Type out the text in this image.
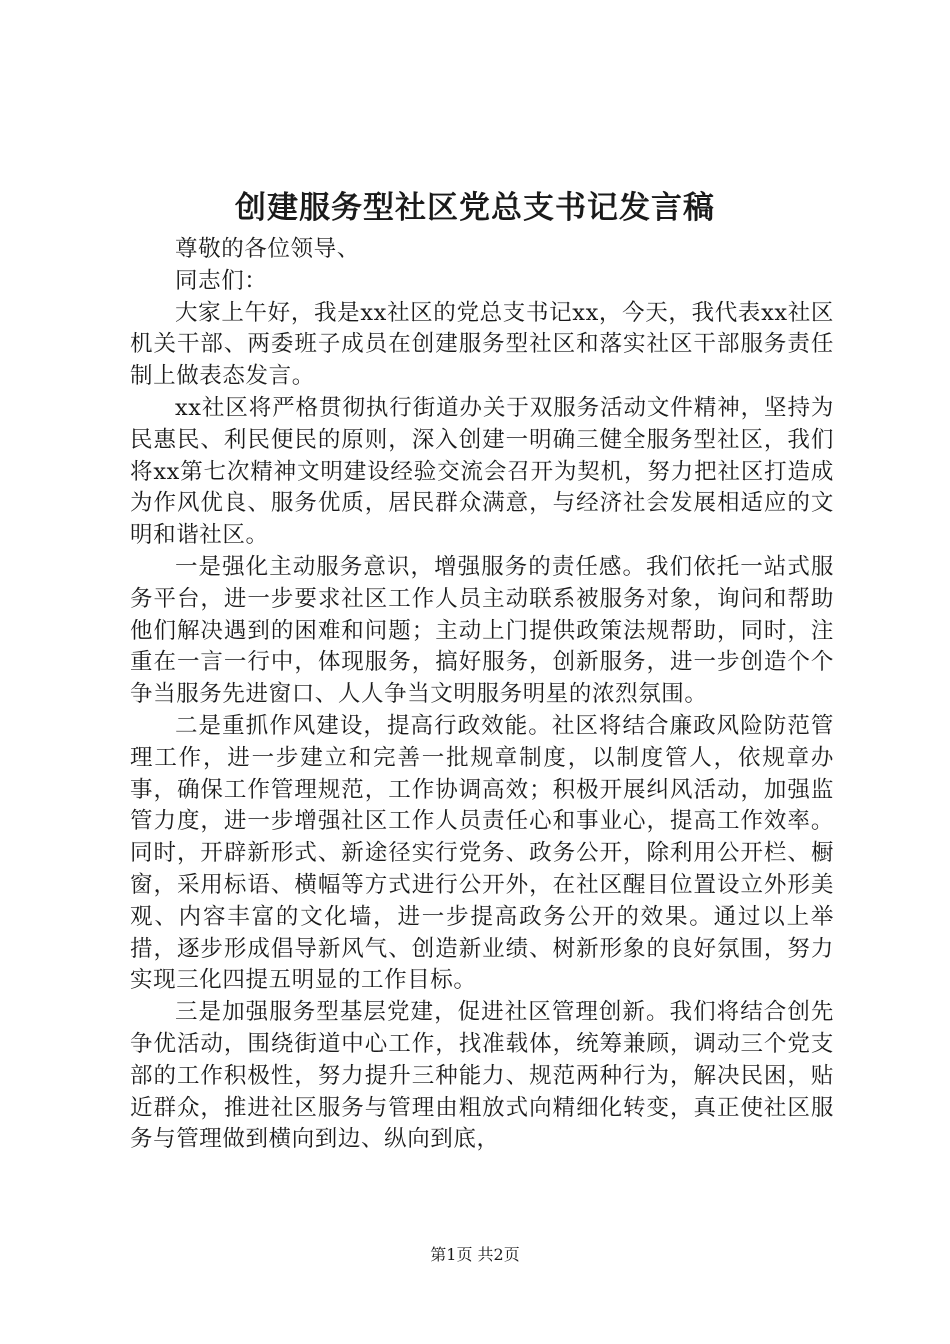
创建服务型社区党总支书记发言稿

尊敬的各位领导、

同志们：

大家上午好，我是xx社区的党总支书记xx，今天，我代表xx社区机关干部、两委班子成员在创建服务型社区和落实社区干部服务责任制上做表态发言。

xx社区将严格贯彻执行街道办关于双服务活动文件精神，坚持为民惠民、利民便民的原则，深入创建一明确三健全服务型社区，我们将xx第七次精神文明建设经验交流会召开为契机，努力把社区打造成为作风优良、服务优质，居民群众满意，与经济社会发展相适应的文明和谐社区。

一是强化主动服务意识，增强服务的责任感。我们依托一站式服务平台，进一步要求社区工作人员主动联系被服务对象，询问和帮助他们解决遇到的困难和问题；主动上门提供政策法规帮助，同时，注重在一言一行中，体现服务，搞好服务，创新服务，进一步创造个个争当服务先进窗口、人人争当文明服务明星的浓烈氛围。

二是重抓作风建设，提高行政效能。社区将结合廉政风险防范管理工作，进一步建立和完善一批规章制度，以制度管人，依规章办事，确保工作管理规范，工作协调高效；积极开展纠风活动，加强监管力度，进一步增强社区工作人员责任心和事业心，提高工作效率。同时，开辟新形式、新途径实行党务、政务公开，除利用公开栏、橱窗，采用标语、横幅等方式进行公开外，在社区醒目位置设立外形美观、内容丰富的文化墙，进一步提高政务公开的效果。通过以上举措，逐步形成倡导新风气、创造新业绩、树新形象的良好氛围，努力实现三化四提五明显的工作目标。

三是加强服务型基层党建，促进社区管理创新。我们将结合创先争优活动，围绕街道中心工作，找准载体，统筹兼顾，调动三个党支部的工作积极性，努力提升三种能力、规范两种行为，解决民困，贴近群众，推进社区服务与管理由粗放式向精细化转变，真正使社区服务与管理做到横向到边、纵向到底，

第1页 共2页
